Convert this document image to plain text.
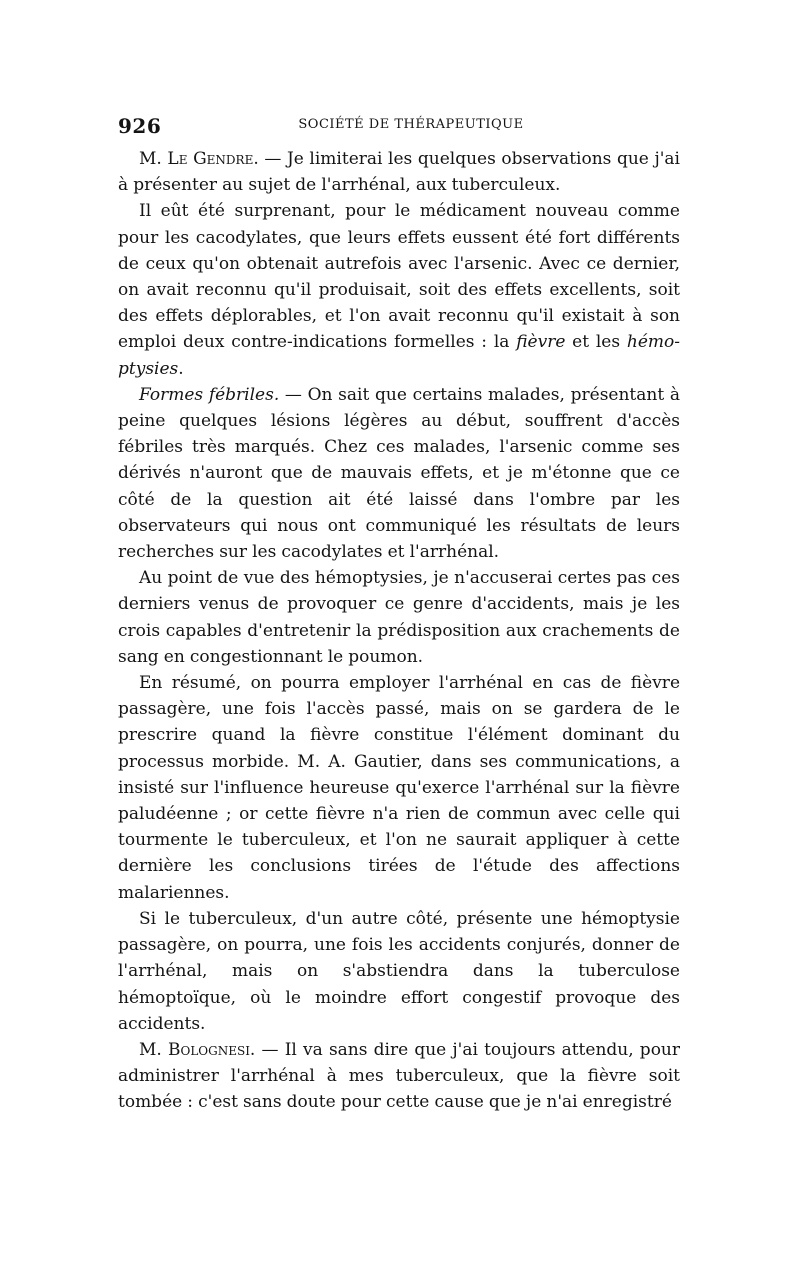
926	SOCIÉTÉ DE THÉRAPEUTIQUE

M. Le Gendre. — Je limiterai les quelques observations que j'ai à présenter au sujet de l'arrhénal, aux tuberculeux.

Il eût été surprenant, pour le médicament nouveau comme pour les cacodylates, que leurs effets eussent été fort différents de ceux qu'on obtenait autrefois avec l'arsenic. Avec ce dernier, on avait reconnu qu'il produisait, soit des effets excellents, soit des effets déplorables, et l'on avait reconnu qu'il existait à son emploi deux contre-indications formelles : la fièvre et les hémoptysies.

Formes fébriles. — On sait que certains malades, présentant à peine quelques lésions légères au début, souffrent d'accès fébriles très marqués. Chez ces malades, l'arsenic comme ses dérivés n'auront que de mauvais effets, et je m'étonne que ce côté de la question ait été laissé dans l'ombre par les observateurs qui nous ont communiqué les résultats de leurs recherches sur les cacodylates et l'arrhénal.

Au point de vue des hémoptysies, je n'accuserai certes pas ces derniers venus de provoquer ce genre d'accidents, mais je les crois capables d'entretenir la prédisposition aux crachements de sang en congestionnant le poumon.

En résumé, on pourra employer l'arrhénal en cas de fièvre passagère, une fois l'accès passé, mais on se gardera de le prescrire quand la fièvre constitue l'élément dominant du processus morbide. M. A. Gautier, dans ses communications, a insisté sur l'influence heureuse qu'exerce l'arrhénal sur la fièvre paludéenne ; or cette fièvre n'a rien de commun avec celle qui tourmente le tuberculeux, et l'on ne saurait appliquer à cette dernière les conclusions tirées de l'étude des affections malariennes.

Si le tuberculeux, d'un autre côté, présente une hémoptysie passagère, on pourra, une fois les accidents conjurés, donner de l'arrhénal, mais on s'abstiendra dans la tuberculose hémoptoïque, où le moindre effort congestif provoque des accidents.

M. Bolognesi. — Il va sans dire que j'ai toujours attendu, pour administrer l'arrhénal à mes tuberculeux, que la fièvre soit tombée : c'est sans doute pour cette cause que je n'ai enregistré
